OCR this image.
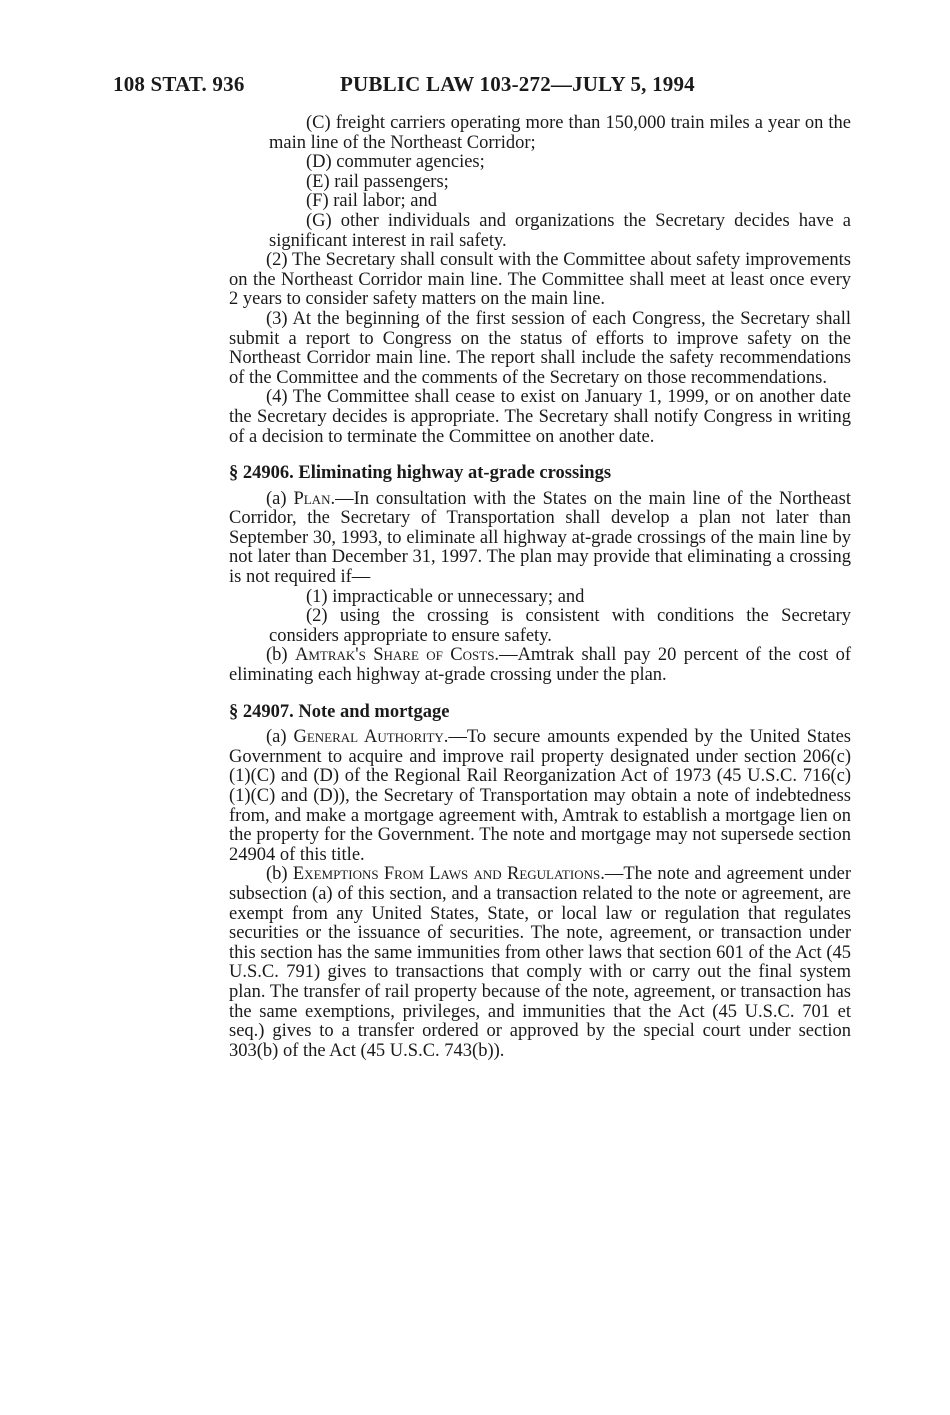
108 STAT. 936	PUBLIC LAW 103-272—JULY 5, 1994

(C) freight carriers operating more than 150,000 train miles a year on the main line of the Northeast Corridor;

(D) commuter agencies;

(E) rail passengers;

(F) rail labor; and

(G) other individuals and organizations the Secretary decides have a significant interest in rail safety.

(2) The Secretary shall consult with the Committee about safety improvements on the Northeast Corridor main line. The Committee shall meet at least once every 2 years to consider safety matters on the main line.

(3) At the beginning of the first session of each Congress, the Secretary shall submit a report to Congress on the status of efforts to improve safety on the Northeast Corridor main line. The report shall include the safety recommendations of the Committee and the comments of the Secretary on those recommendations.

(4) The Committee shall cease to exist on January 1, 1999, or on another date the Secretary decides is appropriate. The Secretary shall notify Congress in writing of a decision to terminate the Committee on another date.

§ 24906. Eliminating highway at-grade crossings

(a) Plan.—In consultation with the States on the main line of the Northeast Corridor, the Secretary of Transportation shall develop a plan not later than September 30, 1993, to eliminate all highway at-grade crossings of the main line by not later than December 31, 1997. The plan may provide that eliminating a crossing is not required if—

(1) impracticable or unnecessary; and

(2) using the crossing is consistent with conditions the Secretary considers appropriate to ensure safety.

(b) Amtrak's Share of Costs.—Amtrak shall pay 20 percent of the cost of eliminating each highway at-grade crossing under the plan.

§ 24907. Note and mortgage

(a) General Authority.—To secure amounts expended by the United States Government to acquire and improve rail property designated under section 206(c)(1)(C) and (D) of the Regional Rail Reorganization Act of 1973 (45 U.S.C. 716(c)(1)(C) and (D)), the Secretary of Transportation may obtain a note of indebtedness from, and make a mortgage agreement with, Amtrak to establish a mortgage lien on the property for the Government. The note and mortgage may not supersede section 24904 of this title.

(b) Exemptions From Laws and Regulations.—The note and agreement under subsection (a) of this section, and a transaction related to the note or agreement, are exempt from any United States, State, or local law or regulation that regulates securities or the issuance of securities. The note, agreement, or transaction under this section has the same immunities from other laws that section 601 of the Act (45 U.S.C. 791) gives to transactions that comply with or carry out the final system plan. The transfer of rail property because of the note, agreement, or transaction has the same exemptions, privileges, and immunities that the Act (45 U.S.C. 701 et seq.) gives to a transfer ordered or approved by the special court under section 303(b) of the Act (45 U.S.C. 743(b)).
